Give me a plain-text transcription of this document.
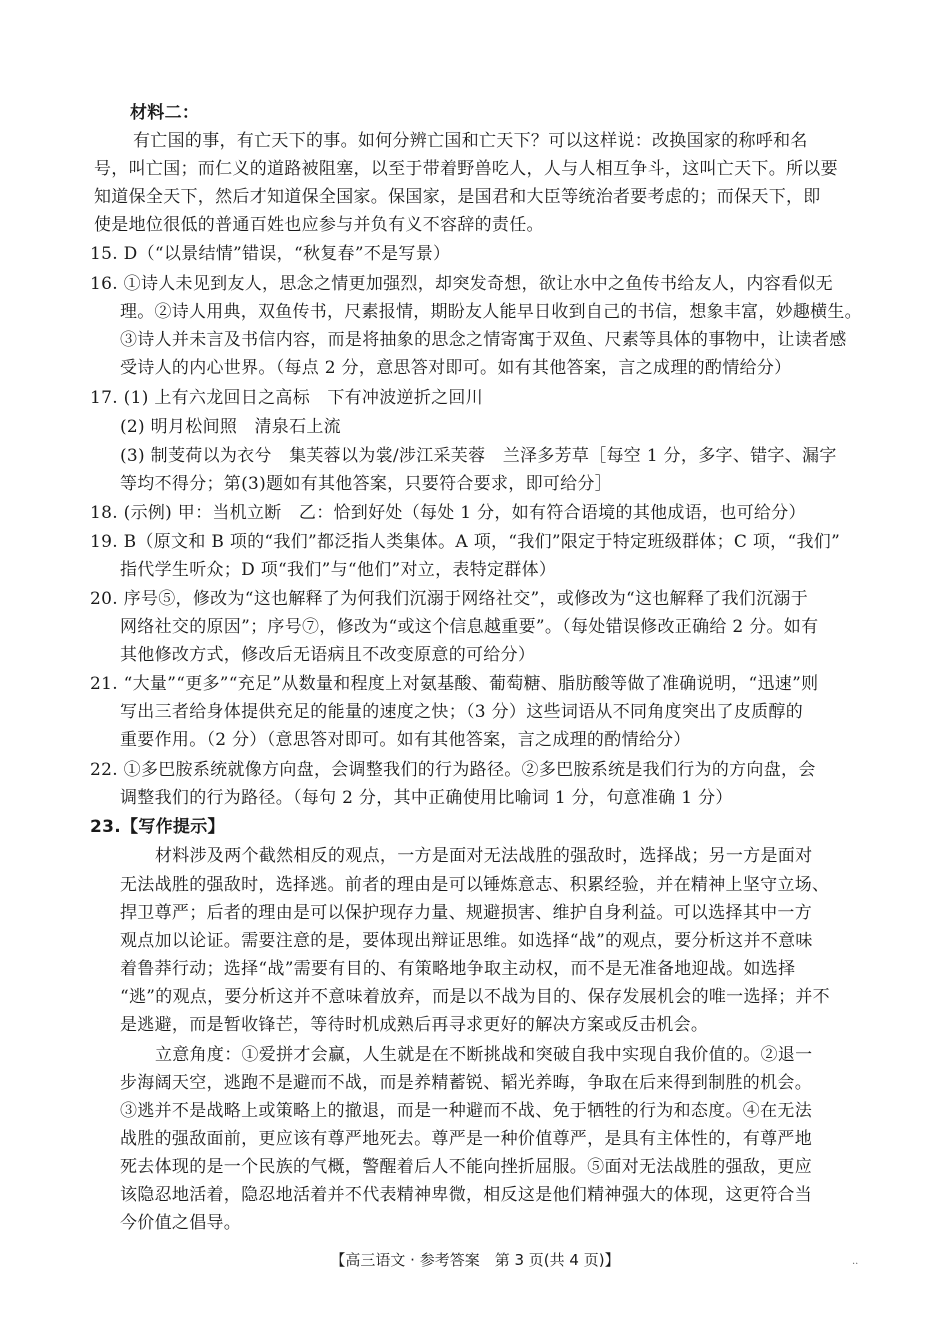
材料二：
有亡国的事，有亡天下的事。如何分辨亡国和亡天下？可以这样说：改换国家的称呼和名
号，叫亡国；而仁义的道路被阻塞，以至于带着野兽吃人，人与人相互争斗，这叫亡天下。所以要
知道保全天下，然后才知道保全国家。保国家，是国君和大臣等统治者要考虑的；而保天下，即
使是地位很低的普通百姓也应参与并负有义不容辞的责任。
15. D（“以景结情”错误，“秋复春”不是写景）
16. ①诗人未见到友人，思念之情更加强烈，却突发奇想，欲让水中之鱼传书给友人，内容看似无
理。②诗人用典，双鱼传书，尺素报情，期盼友人能早日收到自己的书信，想象丰富，妙趣横生。
③诗人并未言及书信内容，而是将抽象的思念之情寄寓于双鱼、尺素等具体的事物中，让读者感
受诗人的内心世界。（每点 2 分，意思答对即可。如有其他答案，言之成理的酌情给分）
17. (1) 上有六龙回日之高标　下有冲波逆折之回川
(2) 明月松间照　清泉石上流
(3) 制芰荷以为衣兮　集芙蓉以为裳/涉江采芙蓉　兰泽多芳草［每空 1 分，多字、错字、漏字
等均不得分；第(3)题如有其他答案，只要符合要求，即可给分］
18. (示例) 甲：当机立断　乙：恰到好处（每处 1 分，如有符合语境的其他成语，也可给分）
19. B（原文和 B 项的“我们”都泛指人类集体。A 项，“我们”限定于特定班级群体；C 项，“我们”
指代学生听众；D 项“我们”与“他们”对立，表特定群体）
20. 序号⑤，修改为“这也解释了为何我们沉溺于网络社交”，或修改为“这也解释了我们沉溺于
网络社交的原因”；序号⑦，修改为“或这个信息越重要”。（每处错误修改正确给 2 分。如有
其他修改方式，修改后无语病且不改变原意的可给分）
21. “大量”“更多”“充足”从数量和程度上对氨基酸、葡萄糖、脂肪酸等做了准确说明，“迅速”则
写出三者给身体提供充足的能量的速度之快；（3 分）这些词语从不同角度突出了皮质醇的
重要作用。（2 分）（意思答对即可。如有其他答案，言之成理的酌情给分）
22. ①多巴胺系统就像方向盘，会调整我们的行为路径。②多巴胺系统是我们行为的方向盘，会
调整我们的行为路径。（每句 2 分，其中正确使用比喻词 1 分，句意准确 1 分）
23.【写作提示】
材料涉及两个截然相反的观点，一方是面对无法战胜的强敌时，选择战；另一方是面对
无法战胜的强敌时，选择逃。前者的理由是可以锤炼意志、积累经验，并在精神上坚守立场、
捍卫尊严；后者的理由是可以保护现存力量、规避损害、维护自身利益。可以选择其中一方
观点加以论证。需要注意的是，要体现出辩证思维。如选择“战”的观点，要分析这并不意味
着鲁莽行动；选择“战”需要有目的、有策略地争取主动权，而不是无准备地迎战。如选择
“逃”的观点，要分析这并不意味着放弃，而是以不战为目的、保存发展机会的唯一选择；并不
是逃避，而是暂收锋芒，等待时机成熟后再寻求更好的解决方案或反击机会。
立意角度：①爱拼才会赢，人生就是在不断挑战和突破自我中实现自我价值的。②退一
步海阔天空，逃跑不是避而不战，而是养精蓄锐、韬光养晦，争取在后来得到制胜的机会。
③逃并不是战略上或策略上的撤退，而是一种避而不战、免于牺牲的行为和态度。④在无法
战胜的强敌面前，更应该有尊严地死去。尊严是一种价值尊严，是具有主体性的，有尊严地
死去体现的是一个民族的气概，警醒着后人不能向挫折屈服。⑤面对无法战胜的强敌，更应
该隐忍地活着，隐忍地活着并不代表精神卑微，相反这是他们精神强大的体现，这更符合当
今价值之倡导。
【高三语文 · 参考答案　第 3 页(共 4 页)】	..
